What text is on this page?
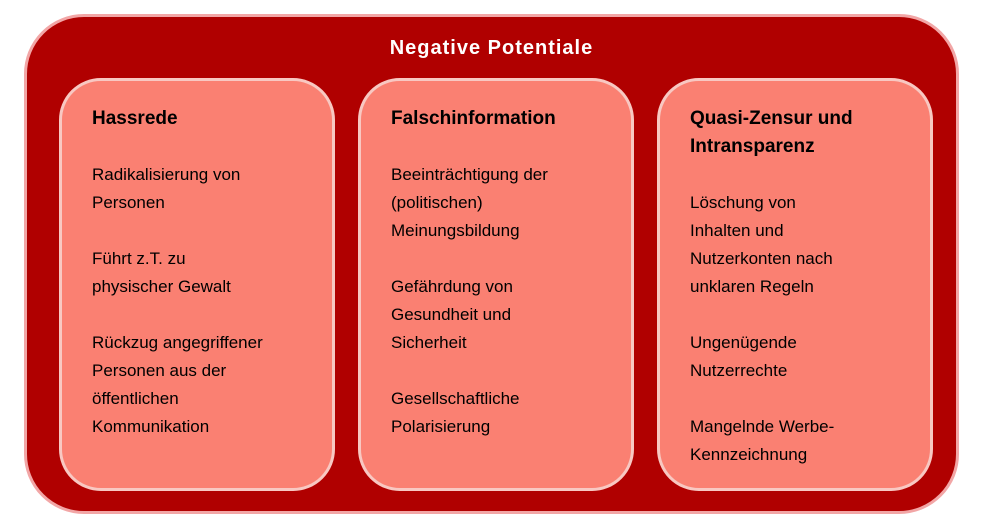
Negative Potentiale
Hassrede
Radikalisierung von
Personen
Führt z.T. zu
physischer Gewalt
Rückzug angegriffener
Personen aus der
öffentlichen
Kommunikation
Falschinformation
Beeinträchtigung der
(politischen)
Meinungsbildung
Gefährdung von
Gesundheit und
Sicherheit
Gesellschaftliche
Polarisierung
Quasi-Zensur und
Intransparenz
Löschung von
Inhalten und
Nutzerkonten nach
unklaren Regeln
Ungenügende
Nutzerrechte
Mangelnde Werbe-
Kennzeichnung
